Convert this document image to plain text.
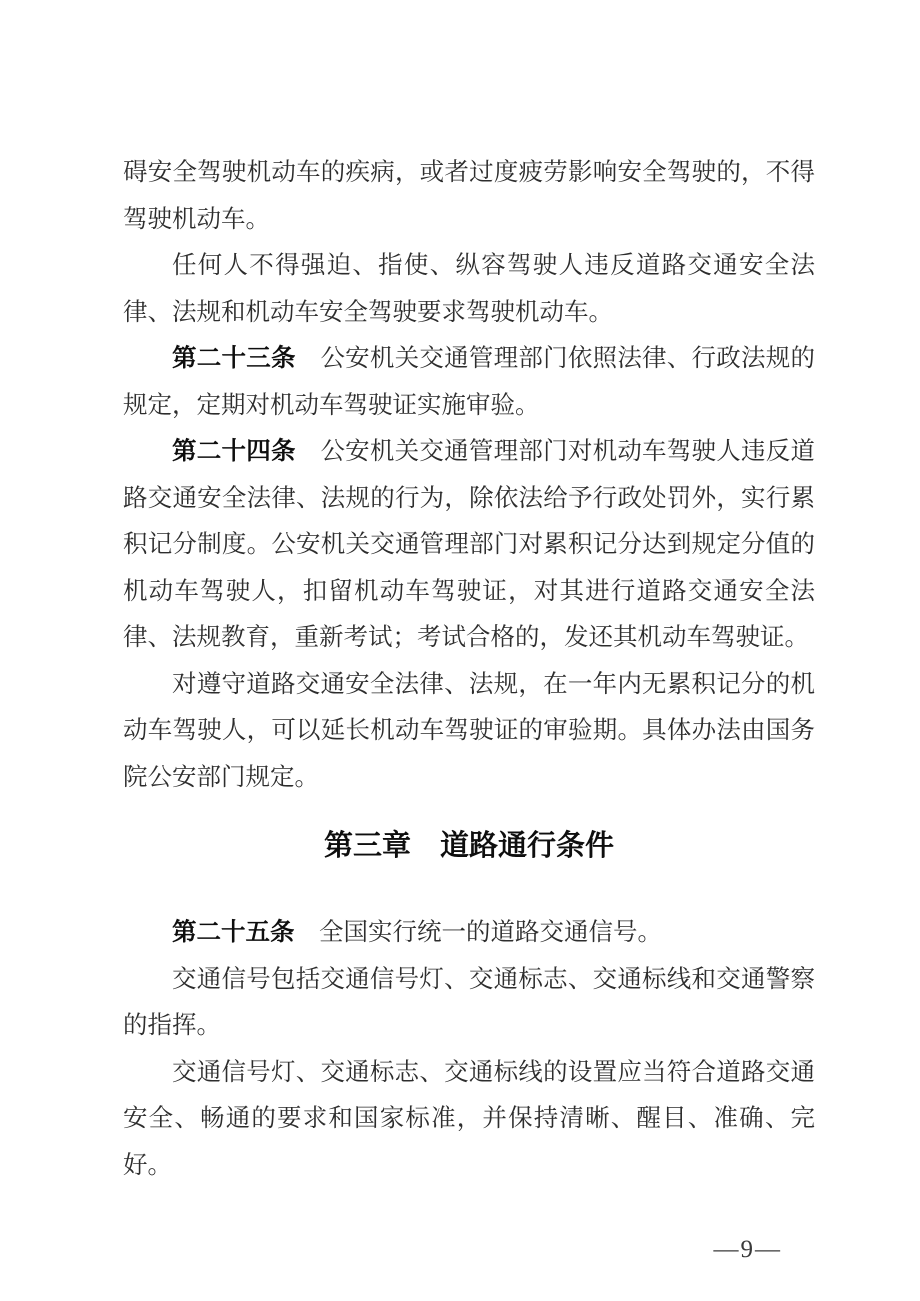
碍安全驾驶机动车的疾病，或者过度疲劳影响安全驾驶的，不得驾驶机动车。

任何人不得强迫、指使、纵容驾驶人违反道路交通安全法律、法规和机动车安全驾驶要求驾驶机动车。

第二十三条　公安机关交通管理部门依照法律、行政法规的规定，定期对机动车驾驶证实施审验。

第二十四条　公安机关交通管理部门对机动车驾驶人违反道路交通安全法律、法规的行为，除依法给予行政处罚外，实行累积记分制度。公安机关交通管理部门对累积记分达到规定分值的机动车驾驶人，扣留机动车驾驶证，对其进行道路交通安全法律、法规教育，重新考试；考试合格的，发还其机动车驾驶证。

对遵守道路交通安全法律、法规，在一年内无累积记分的机动车驾驶人，可以延长机动车驾驶证的审验期。具体办法由国务院公安部门规定。

第三章　道路通行条件

第二十五条　全国实行统一的道路交通信号。

交通信号包括交通信号灯、交通标志、交通标线和交通警察的指挥。

交通信号灯、交通标志、交通标线的设置应当符合道路交通安全、畅通的要求和国家标准，并保持清晰、醒目、准确、完好。

—9—
